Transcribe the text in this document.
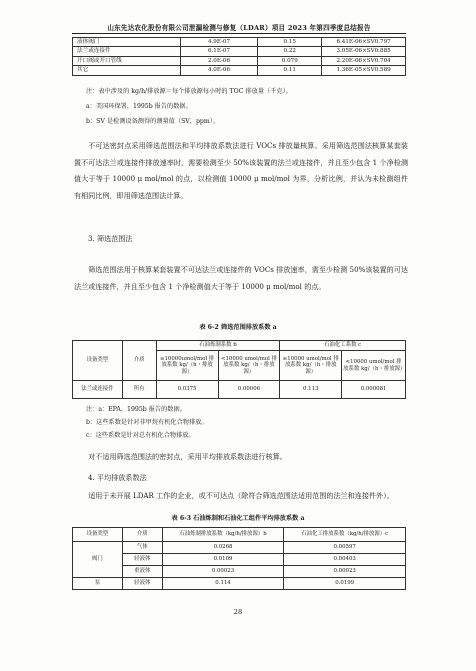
山东先达农化股份有限公司泄漏检测与修复（LDAR）项目 2023 年第四季度总结报告
液体阀门	4.9E-07	0.15	6.41E-06×SV0.797
法兰或连接件	6.1E-07	0.22	3.05E-06×SV0.885
开口阀或开口管线	2.0E-06	0.079	2.20E-06×SV0.704
其它	4.0E-06	0.11	1.36E-05×SV0.589
注：表中涉及的 kg/h/排放源＝每个排放源每小时的 TOC 排放量（千克）。
a：美国环保署，1995b 报告的数据。
b：SV 是检测设备测得的测量值（SV，ppm）。
不可达密封点采用筛选范围法和平均排放系数法进行 VOCs 排放量核算。采用筛选范围法核算某套装置不可达法兰或连接件排放速率时，需要检测至少 50%该装置的法兰或连接件，并且至少包含 1 个净检测值大于等于 10000 μ mol/mol 的点，以检测值 10000 μ mol/mol 为界，分析比例，并认为未检测组件有相同比例，即用筛选范围法计算。
3. 筛选范围法
筛选范围法用于核算某套装置不可达法兰或连接件的 VOCs 排放速率，需至少检测 50%该装置的可达法兰或连接件，并且至少包含 1 个净检测值大于等于 10000 μ mol/mol 的点。
表 6-2 筛选范围排放系数 a
设备类型	介质	石油炼制系数 b		石油化工系数 c	
		≥10000umol/mol 排放系数 kg/（h・排放源）	<10000 umol/mol 排放系数 kg/（h・排放源）	≥10000 umol/mol 排放系数 kg/（h・排放源）	<10000 umol/mol 排放系数 kg/（h・排放源）
法兰或连接件	所有	0.0375	0.00006	0.113	0.000081
注：a：EPA，1995b 报告的数据。
b：这些系数是针对非甲烷有机化合物排放。
c：这些系数是针对总有机化合物排放。
对不适用筛选范围法的密封点，采用平均排放系数法进行核算。
4. 平均排放系数法
适用于未开展 LDAR 工作的企业，或不可达点（除符合筛选范围法适用范围的法兰和连接件外）。
表 6-3 石油炼制和石油化工组件平均排放系数 a
设备类型	介质	石油炼制排放系数（kg/h/排放源）b	石油化工排放系数（kg/h/排放源）c
阀门	气体	0.0268	0.00597
	轻液体	0.0109	0.00403
	重液体	0.00023	0.00023
泵	轻液体	0.114	0.0199
28
